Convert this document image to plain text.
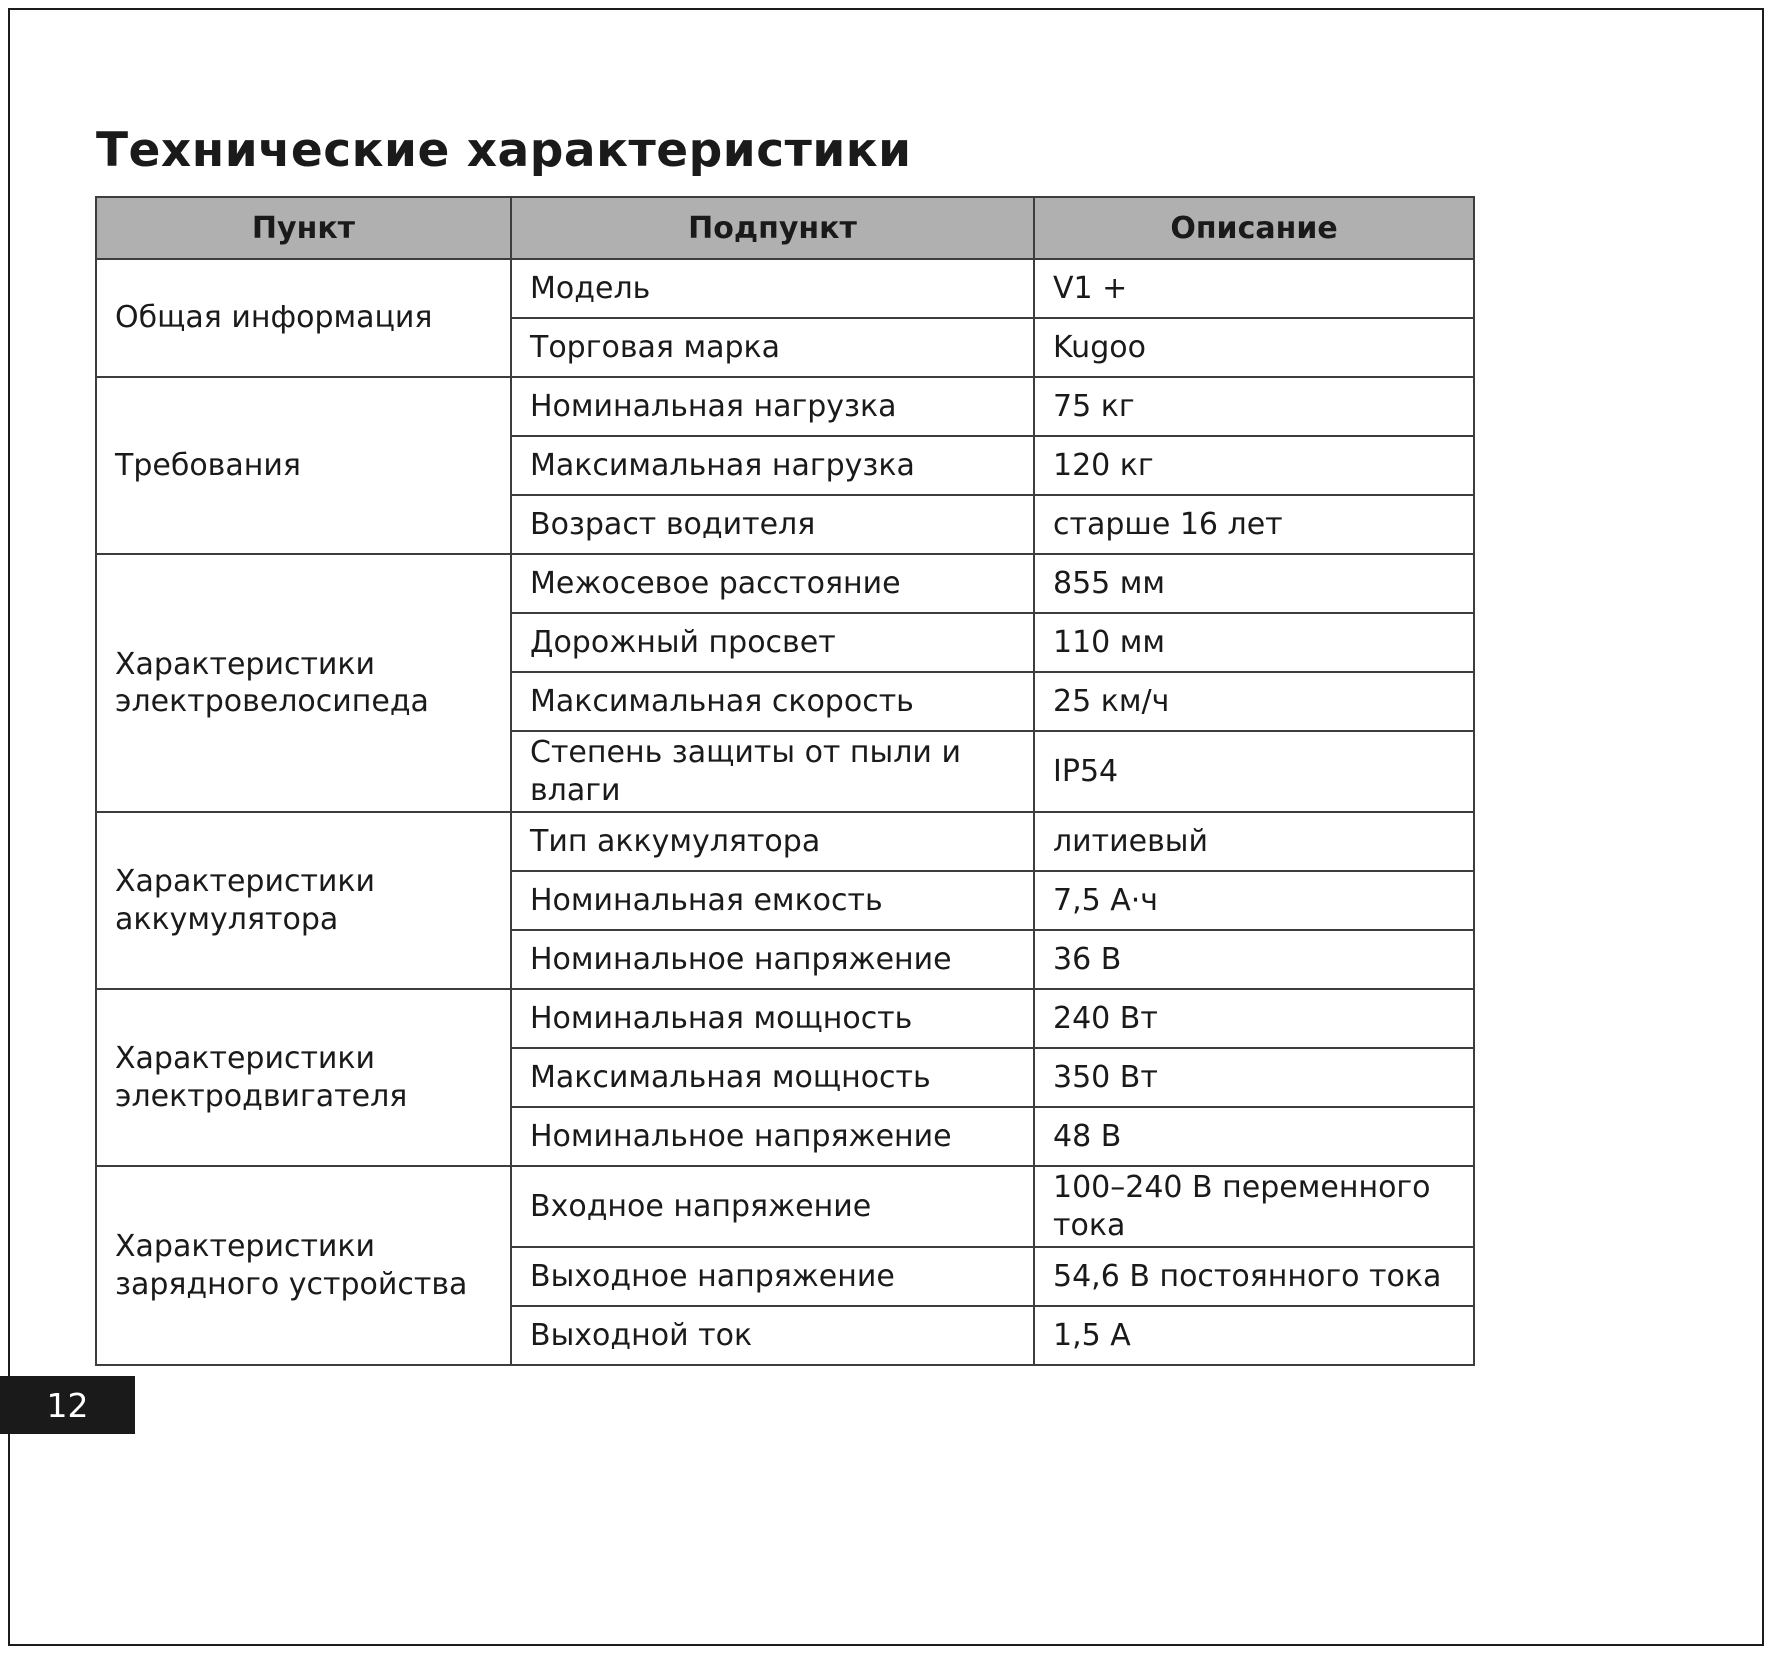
Технические характеристики
Пункт	Подпункт	Описание
Общая информация	Модель	V1 +
	Торговая марка	Kugoo
Требования	Номинальная нагрузка	75 кг
	Максимальная нагрузка	120 кг
	Возраст водителя	старше 16 лет
Характеристики электровелосипеда	Межосевое расстояние	855 мм
	Дорожный просвет	110 мм
	Максимальная скорость	25 км/ч
	Степень защиты от пыли и влаги	IP54
Характеристики аккумулятора	Тип аккумулятора	литиевый
	Номинальная емкость	7,5 А·ч
	Номинальное напряжение	36 В
Характеристики электродвигателя	Номинальная мощность	240 Вт
	Максимальная мощность	350 Вт
	Номинальное напряжение	48 В
Характеристики зарядного устройства	Входное напряжение	100–240 В переменного тока
	Выходное напряжение	54,6 В постоянного тока
	Выходной ток	1,5 А
12
